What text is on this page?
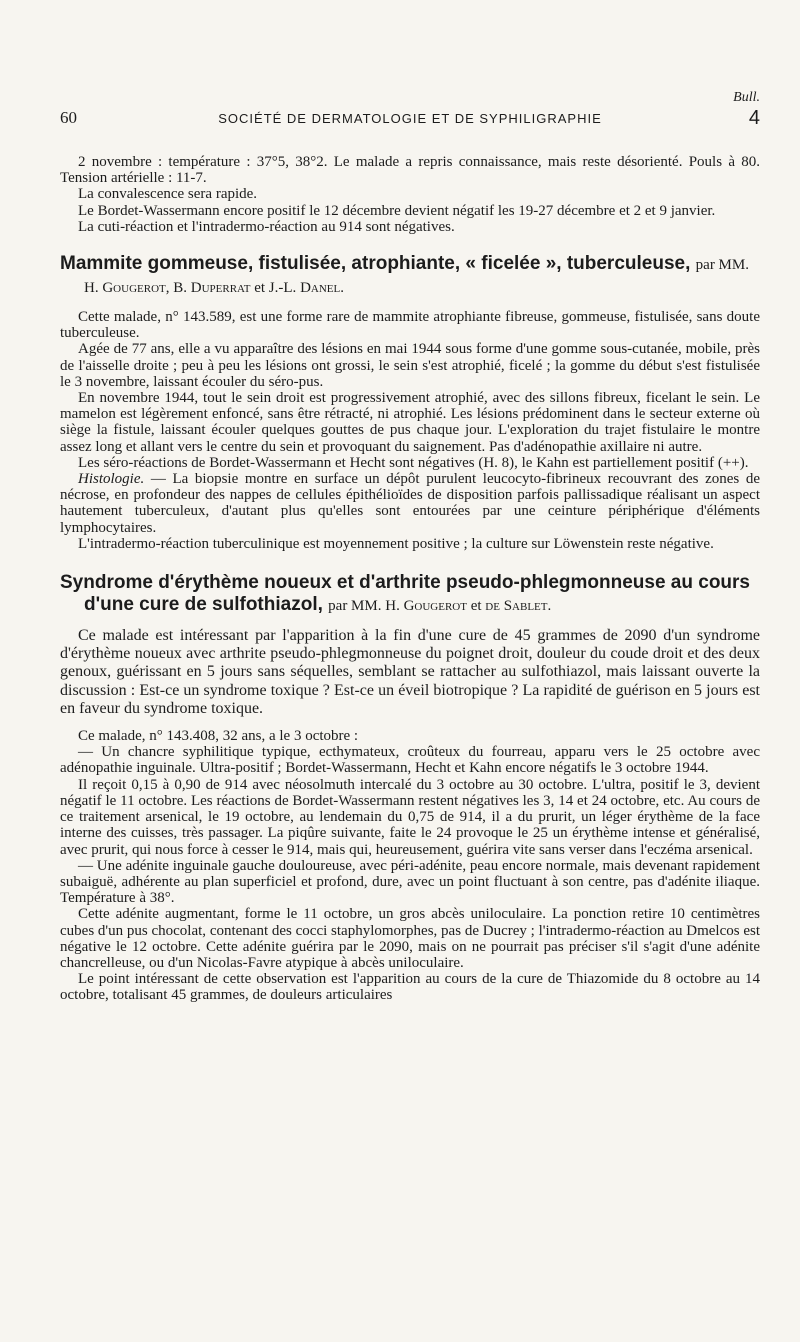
Bull.
60	SOCIÉTÉ DE DERMATOLOGIE ET DE SYPHILIGRAPHIE	4

2 novembre : température : 37°5, 38°2. Le malade a repris connaissance, mais reste désorienté. Pouls à 80. Tension artérielle : 11-7.

La convalescence sera rapide.

Le Bordet-Wassermann encore positif le 12 décembre devient négatif les 19-27 décembre et 2 et 9 janvier.

La cuti-réaction et l'intradermo-réaction au 914 sont négatives.

Mammite gommeuse, fistulisée, atrophiante, « ficelée », tuberculeuse, par MM. H. Gougerot, B. Duperrat et J.-L. Danel.

Cette malade, n° 143.589, est une forme rare de mammite atrophiante fibreuse, gommeuse, fistulisée, sans doute tuberculeuse.

Agée de 77 ans, elle a vu apparaître des lésions en mai 1944 sous forme d'une gomme sous-cutanée, mobile, près de l'aisselle droite ; peu à peu les lésions ont grossi, le sein s'est atrophié, ficelé ; la gomme du début s'est fistulisée le 3 novembre, laissant écouler du séro-pus.

En novembre 1944, tout le sein droit est progressivement atrophié, avec des sillons fibreux, ficelant le sein. Le mamelon est légèrement enfoncé, sans être rétracté, ni atrophié. Les lésions prédominent dans le secteur externe où siège la fistule, laissant écouler quelques gouttes de pus chaque jour. L'exploration du trajet fistulaire le montre assez long et allant vers le centre du sein et provoquant du saignement. Pas d'adénopathie axillaire ni autre.

Les séro-réactions de Bordet-Wassermann et Hecht sont négatives (H. 8), le Kahn est partiellement positif (++).

Histologie. — La biopsie montre en surface un dépôt purulent leucocyto-fibrineux recouvrant des zones de nécrose, en profondeur des nappes de cellules épithélioïdes de disposition parfois pallissadique réalisant un aspect hautement tuberculeux, d'autant plus qu'elles sont entourées par une ceinture périphérique d'éléments lymphocytaires.

L'intradermo-réaction tuberculinique est moyennement positive ; la culture sur Löwenstein reste négative.

Syndrome d'érythème noueux et d'arthrite pseudo-phlegmonneuse au cours d'une cure de sulfothiazol, par MM. H. Gougerot et de Sablet.

Ce malade est intéressant par l'apparition à la fin d'une cure de 45 grammes de 2090 d'un syndrome d'érythème noueux avec arthrite pseudo-phlegmonneuse du poignet droit, douleur du coude droit et des deux genoux, guérissant en 5 jours sans séquelles, semblant se rattacher au sulfothiazol, mais laissant ouverte la discussion : Est-ce un syndrome toxique ? Est-ce un éveil biotropique ? La rapidité de guérison en 5 jours est en faveur du syndrome toxique.

Ce malade, n° 143.408, 32 ans, a le 3 octobre :

— Un chancre syphilitique typique, ecthymateux, croûteux du fourreau, apparu vers le 25 octobre avec adénopathie inguinale. Ultra-positif ; Bordet-Wassermann, Hecht et Kahn encore négatifs le 3 octobre 1944.

Il reçoit 0,15 à 0,90 de 914 avec néosolmuth intercalé du 3 octobre au 30 octobre. L'ultra, positif le 3, devient négatif le 11 octobre. Les réactions de Bordet-Wassermann restent négatives les 3, 14 et 24 octobre, etc. Au cours de ce traitement arsenical, le 19 octobre, au lendemain du 0,75 de 914, il a du prurit, un léger érythème de la face interne des cuisses, très passager. La piqûre suivante, faite le 24 provoque le 25 un érythème intense et généralisé, avec prurit, qui nous force à cesser le 914, mais qui, heureusement, guérira vite sans verser dans l'eczéma arsenical.

— Une adénite inguinale gauche douloureuse, avec péri-adénite, peau encore normale, mais devenant rapidement subaiguë, adhérente au plan superficiel et profond, dure, avec un point fluctuant à son centre, pas d'adénite iliaque. Température à 38°.

Cette adénite augmentant, forme le 11 octobre, un gros abcès uniloculaire. La ponction retire 10 centimètres cubes d'un pus chocolat, contenant des cocci staphylomorphes, pas de Ducrey ; l'intradermo-réaction au Dmelcos est négative le 12 octobre. Cette adénite guérira par le 2090, mais on ne pourrait pas préciser s'il s'agit d'une adénite chancrelleuse, ou d'un Nicolas-Favre atypique à abcès uniloculaire.

Le point intéressant de cette observation est l'apparition au cours de la cure de Thiazomide du 8 octobre au 14 octobre, totalisant 45 grammes, de douleurs articulaires
